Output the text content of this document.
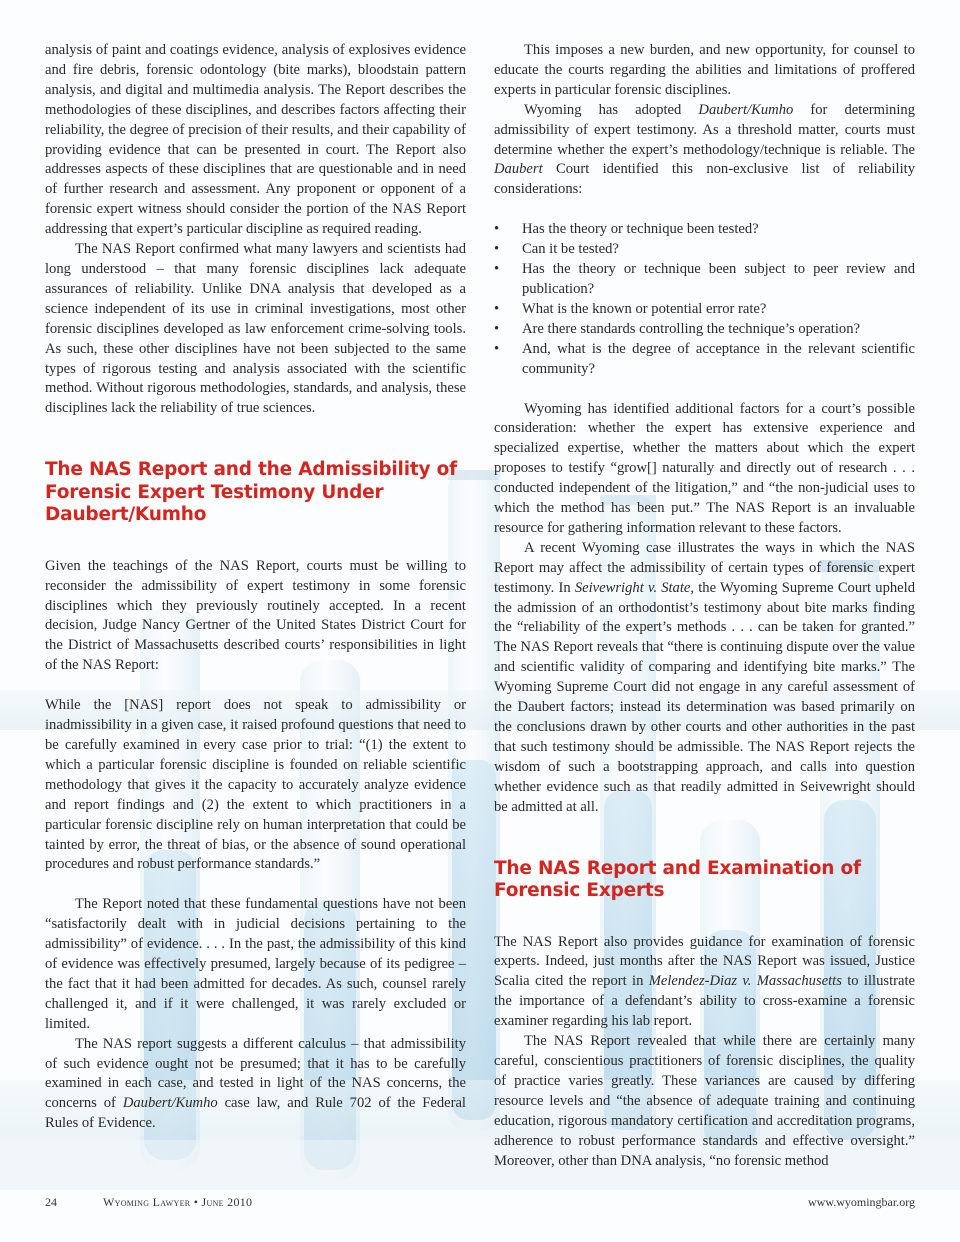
analysis of paint and coatings evidence, analysis of explosives evidence and fire debris, forensic odontology (bite marks), bloodstain pattern analysis, and digital and multimedia analysis. The Report describes the methodologies of these disciplines, and describes factors affecting their reliability, the degree of precision of their results, and their capability of providing evidence that can be presented in court. The Report also addresses aspects of these disciplines that are questionable and in need of further research and assessment. Any proponent or opponent of a forensic expert witness should consider the portion of the NAS Report addressing that expert’s particular discipline as required reading.

The NAS Report confirmed what many lawyers and scientists had long understood – that many forensic disciplines lack adequate assurances of reliability. Unlike DNA analysis that developed as a science independent of its use in criminal investigations, most other forensic disciplines developed as law enforcement crime-solving tools. As such, these other disciplines have not been subjected to the same types of rigorous testing and analysis associated with the scientific method. Without rigorous methodologies, standards, and analysis, these disciplines lack the reliability of true sciences.

The NAS Report and the Admissibility of Forensic Expert Testimony Under Daubert/Kumho

Given the teachings of the NAS Report, courts must be willing to reconsider the admissibility of expert testimony in some forensic disciplines which they previously routinely accepted. In a recent decision, Judge Nancy Gertner of the United States District Court for the District of Massachusetts described courts’ responsibilities in light of the NAS Report:

While the [NAS] report does not speak to admissibility or inadmissibility in a given case, it raised profound questions that need to be carefully examined in every case prior to trial: “(1) the extent to which a particular forensic discipline is founded on reliable scientific methodology that gives it the capacity to accurately analyze evidence and report findings and (2) the extent to which practitioners in a particular forensic discipline rely on human interpretation that could be tainted by error, the threat of bias, or the absence of sound operational procedures and robust performance standards.”

The Report noted that these fundamental questions have not been “satisfactorily dealt with in judicial decisions pertaining to the admissibility” of evidence. . . . In the past, the admissibility of this kind of evidence was effectively presumed, largely because of its pedigree – the fact that it had been admitted for decades. As such, counsel rarely challenged it, and if it were challenged, it was rarely excluded or limited.

The NAS report suggests a different calculus – that admissibility of such evidence ought not be presumed; that it has to be carefully examined in each case, and tested in light of the NAS concerns, the concerns of Daubert/Kumho case law, and Rule 702 of the Federal Rules of Evidence.

This imposes a new burden, and new opportunity, for counsel to educate the courts regarding the abilities and limitations of proffered experts in particular forensic disciplines.

Wyoming has adopted Daubert/Kumho for determining admissibility of expert testimony. As a threshold matter, courts must determine whether the expert’s methodology/technique is reliable. The Daubert Court identified this non-exclusive list of reliability considerations:

• Has the theory or technique been tested?
• Can it be tested?
• Has the theory or technique been subject to peer review and publication?
• What is the known or potential error rate?
• Are there standards controlling the technique’s operation?
• And, what is the degree of acceptance in the relevant scientific community?

Wyoming has identified additional factors for a court’s possible consideration: whether the expert has extensive experience and specialized expertise, whether the matters about which the expert proposes to testify “grow[] naturally and directly out of research . . . conducted independent of the litigation,” and “the non-judicial uses to which the method has been put.” The NAS Report is an invaluable resource for gathering information relevant to these factors.

A recent Wyoming case illustrates the ways in which the NAS Report may affect the admissibility of certain types of forensic expert testimony. In Seivewright v. State, the Wyoming Supreme Court upheld the admission of an orthodontist’s testimony about bite marks finding the “reliability of the expert’s methods . . . can be taken for granted.” The NAS Report reveals that “there is continuing dispute over the value and scientific validity of comparing and identifying bite marks.” The Wyoming Supreme Court did not engage in any careful assessment of the Daubert factors; instead its determination was based primarily on the conclusions drawn by other courts and other authorities in the past that such testimony should be admissible. The NAS Report rejects the wisdom of such a bootstrapping approach, and calls into question whether evidence such as that readily admitted in Seivewright should be admitted at all.

The NAS Report and Examination of Forensic Experts

The NAS Report also provides guidance for examination of forensic experts. Indeed, just months after the NAS Report was issued, Justice Scalia cited the report in Melendez-Diaz v. Massachusetts to illustrate the importance of a defendant’s ability to cross-examine a forensic examiner regarding his lab report.

The NAS Report revealed that while there are certainly many careful, conscientious practitioners of forensic disciplines, the quality of practice varies greatly. These variances are caused by differing resource levels and “the absence of adequate training and continuing education, rigorous mandatory certification and accreditation programs, adherence to robust performance standards and effective oversight.” Moreover, other than DNA analysis, “no forensic method

24	Wyoming Lawyer • June 2010	www.wyomingbar.org
